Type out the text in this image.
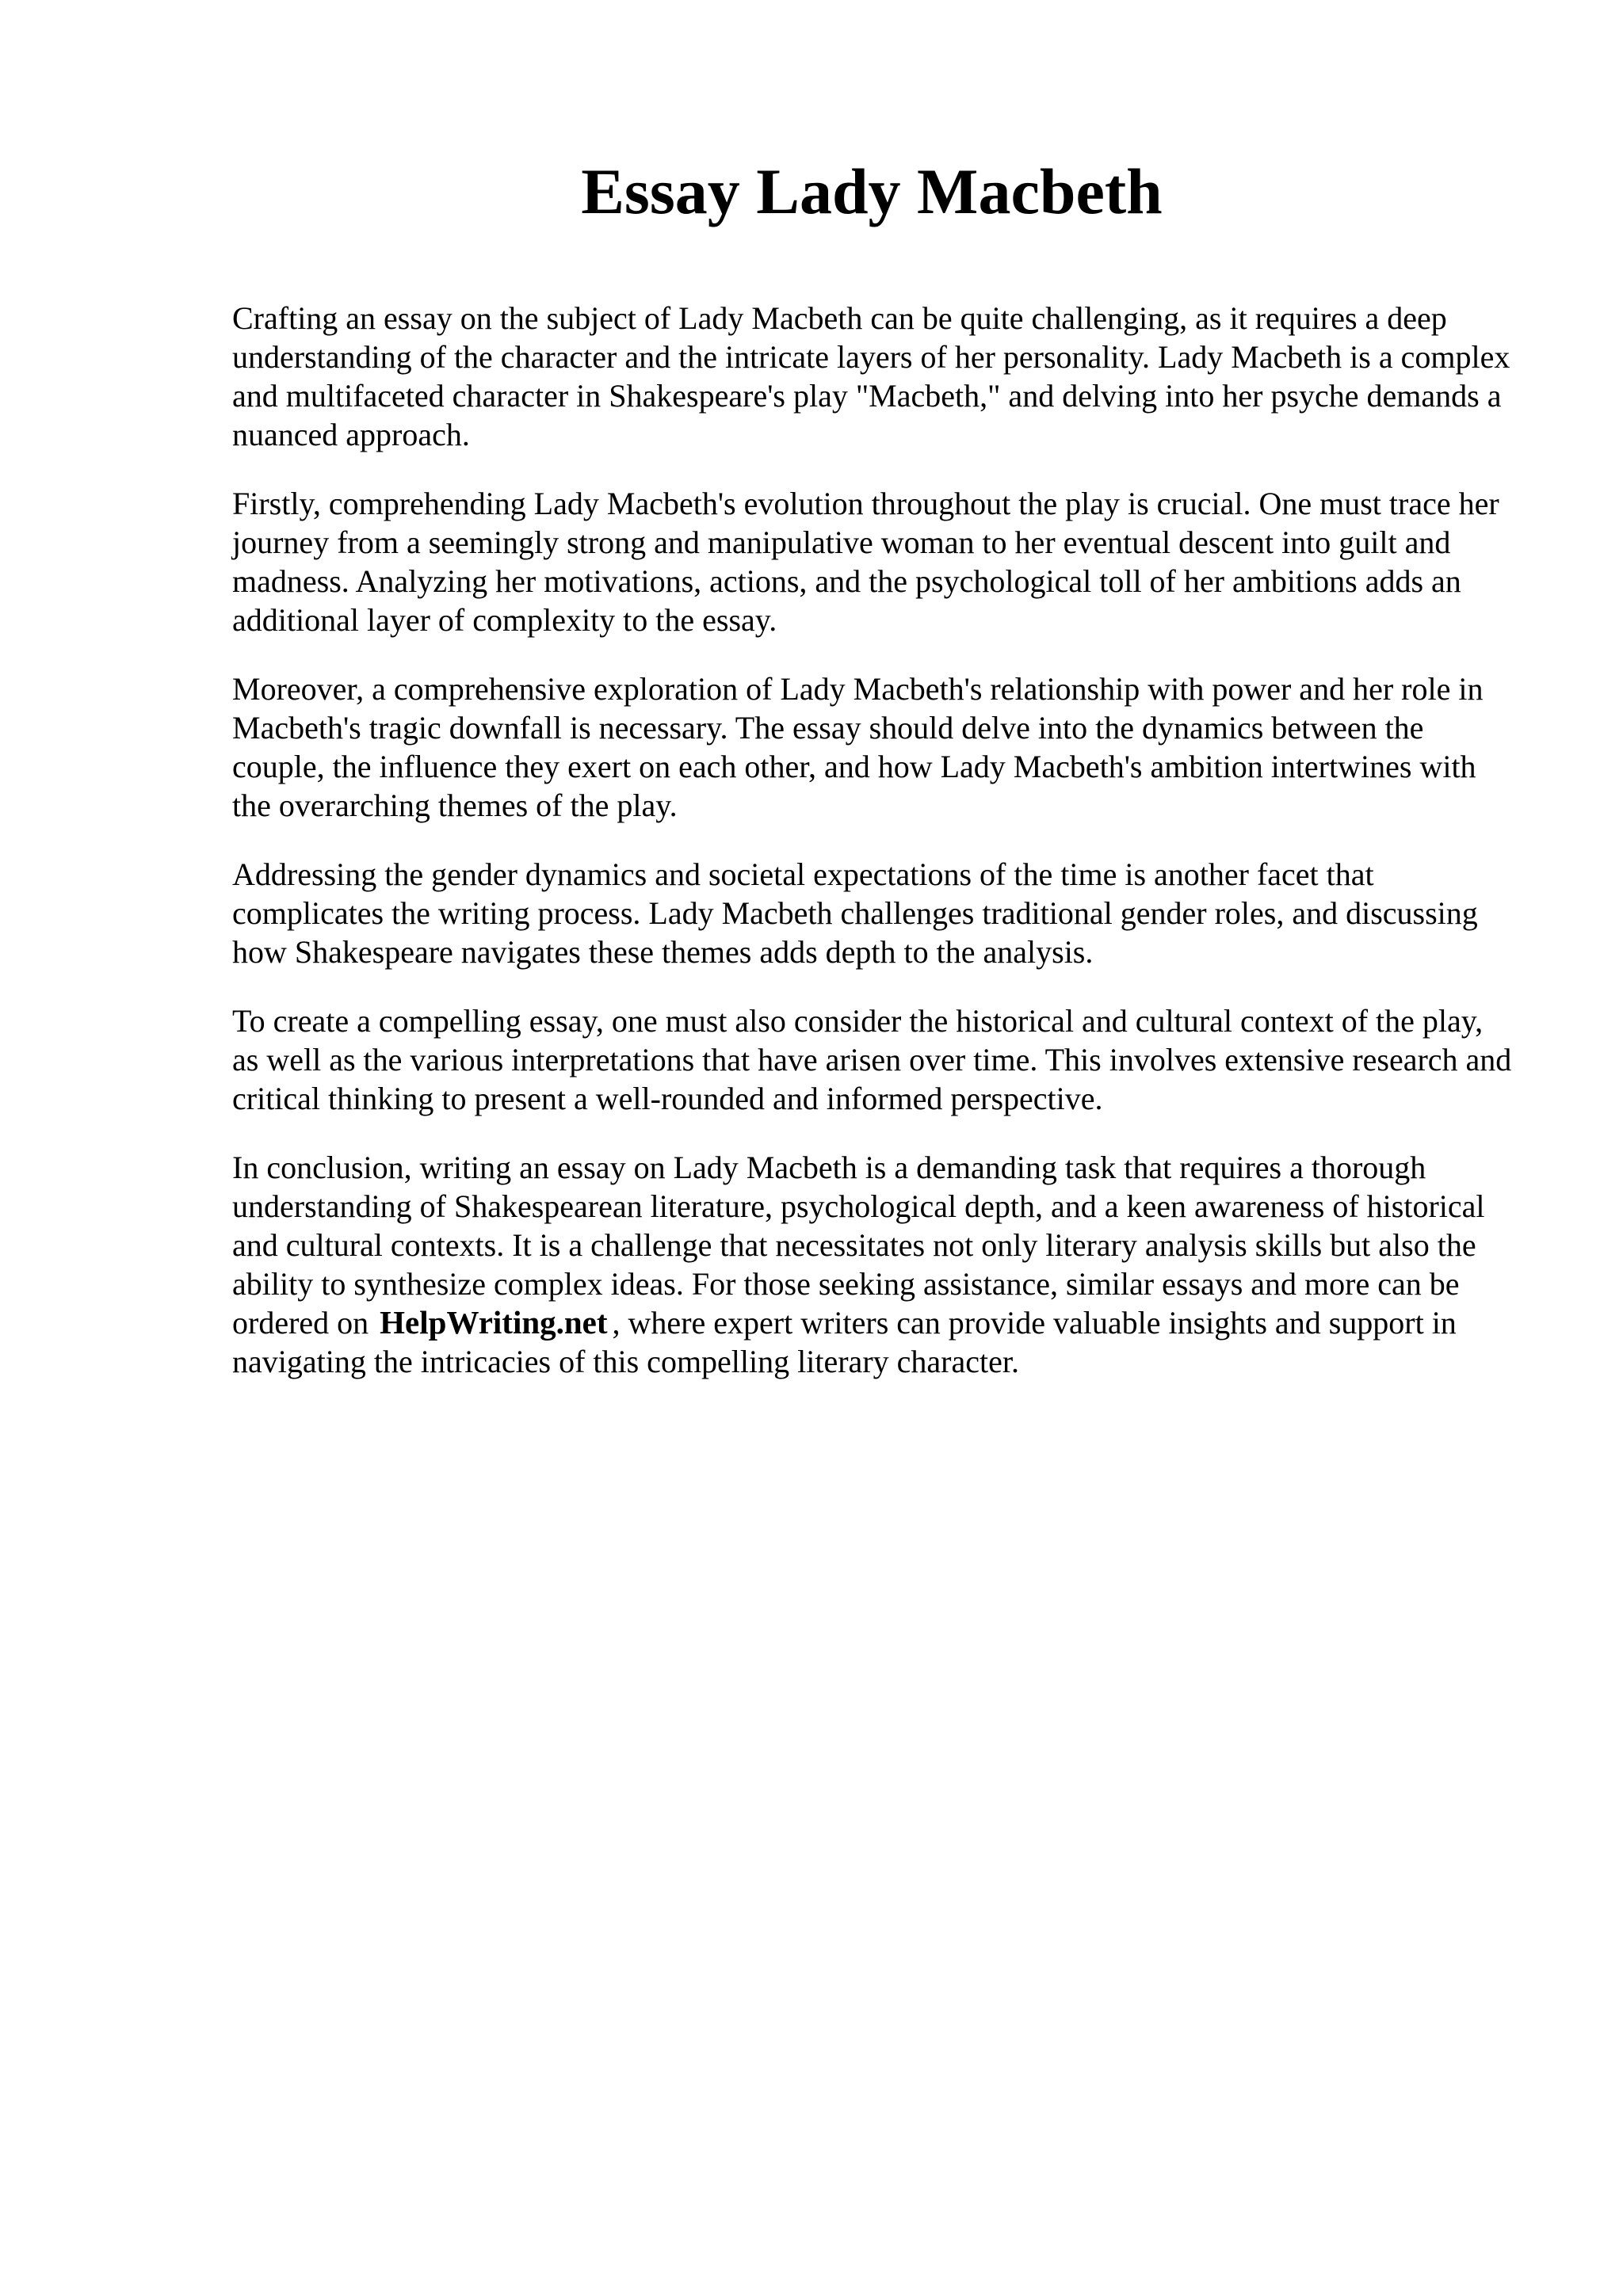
Essay Lady Macbeth

Crafting an essay on the subject of Lady Macbeth can be quite challenging, as it requires a deep understanding of the character and the intricate layers of her personality. Lady Macbeth is a complex and multifaceted character in Shakespeare's play "Macbeth," and delving into her psyche demands a nuanced approach.

Firstly, comprehending Lady Macbeth's evolution throughout the play is crucial. One must trace her journey from a seemingly strong and manipulative woman to her eventual descent into guilt and madness. Analyzing her motivations, actions, and the psychological toll of her ambitions adds an additional layer of complexity to the essay.

Moreover, a comprehensive exploration of Lady Macbeth's relationship with power and her role in Macbeth's tragic downfall is necessary. The essay should delve into the dynamics between the couple, the influence they exert on each other, and how Lady Macbeth's ambition intertwines with the overarching themes of the play.

Addressing the gender dynamics and societal expectations of the time is another facet that complicates the writing process. Lady Macbeth challenges traditional gender roles, and discussing how Shakespeare navigates these themes adds depth to the analysis.

To create a compelling essay, one must also consider the historical and cultural context of the play, as well as the various interpretations that have arisen over time. This involves extensive research and critical thinking to present a well-rounded and informed perspective.

In conclusion, writing an essay on Lady Macbeth is a demanding task that requires a thorough understanding of Shakespearean literature, psychological depth, and a keen awareness of historical and cultural contexts. It is a challenge that necessitates not only literary analysis skills but also the ability to synthesize complex ideas. For those seeking assistance, similar essays and more can be ordered on HelpWriting.net , where expert writers can provide valuable insights and support in navigating the intricacies of this compelling literary character.
